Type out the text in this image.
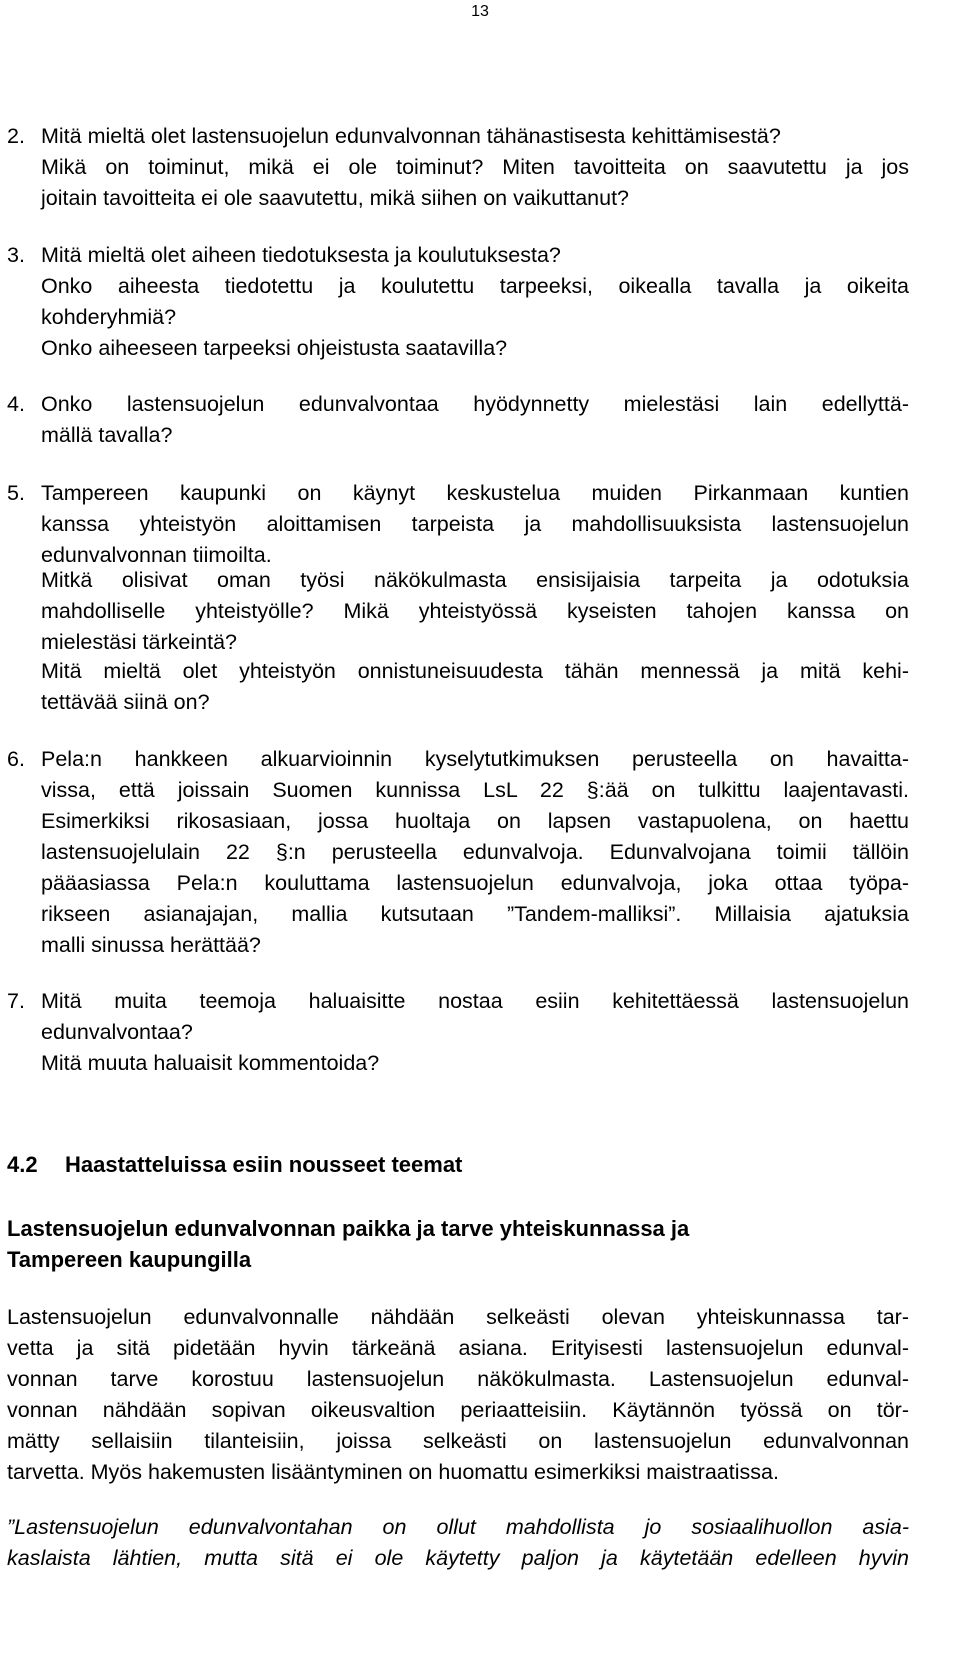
13
2. Mitä mieltä olet lastensuojelun edunvalvonnan tähänastisesta kehittämisestä?
Mikä on toiminut, mikä ei ole toiminut? Miten tavoitteita on saavutettu ja jos
joitain tavoitteita ei ole saavutettu, mikä siihen on vaikuttanut?
3. Mitä mieltä olet aiheen tiedotuksesta ja koulutuksesta?
Onko aiheesta tiedotettu ja koulutettu tarpeeksi, oikealla tavalla ja oikeita
kohderyhmiä?
Onko aiheeseen tarpeeksi ohjeistusta saatavilla?
4. Onko lastensuojelun edunvalvontaa hyödynnetty mielestäsi lain edellyttä-
mällä tavalla?
5. Tampereen kaupunki on käynyt keskustelua muiden Pirkanmaan kuntien
kanssa yhteistyön aloittamisen tarpeista ja mahdollisuuksista lastensuojelun
edunvalvonnan tiimoilta.
Mitkä olisivat oman työsi näkökulmasta ensisijaisia tarpeita ja odotuksia
mahdolliselle yhteistyölle? Mikä yhteistyössä kyseisten tahojen kanssa on
mielestäsi tärkeintä?
Mitä mieltä olet yhteistyön onnistuneisuudesta tähän mennessä ja mitä kehi-
tettävää siinä on?
6. Pela:n hankkeen alkuarvioinnin kyselytutkimuksen perusteella on havaitta-
vissa, että joissain Suomen kunnissa LsL 22 §:ää on tulkittu laajentavasti.
Esimerkiksi rikosasiaan, jossa huoltaja on lapsen vastapuolena, on haettu
lastensuojelulain 22 §:n perusteella edunvalvoja. Edunvalvojana toimii tällöin
pääasiassa Pela:n kouluttama lastensuojelun edunvalvoja, joka ottaa työpa-
rikseen asianajajan, mallia kutsutaan ”Tandem-malliksi”. Millaisia ajatuksia
malli sinussa herättää?
7. Mitä muita teemoja haluaisitte nostaa esiin kehitettäessä lastensuojelun
edunvalvontaa?
Mitä muuta haluaisit kommentoida?
4.2 Haastatteluissa esiin nousseet teemat
Lastensuojelun edunvalvonnan paikka ja tarve yhteiskunnassa ja
Tampereen kaupungilla
Lastensuojelun edunvalvonnalle nähdään selkeästi olevan yhteiskunnassa tar-
vetta ja sitä pidetään hyvin tärkeänä asiana. Erityisesti lastensuojelun edunval-
vonnan tarve korostuu lastensuojelun näkökulmasta. Lastensuojelun edunval-
vonnan nähdään sopivan oikeusvaltion periaatteisiin. Käytännön työssä on tör-
mätty sellaisiin tilanteisiin, joissa selkeästi on lastensuojelun edunvalvonnan
tarvetta. Myös hakemusten lisääntyminen on huomattu esimerkiksi maistraatissa.
”Lastensuojelun edunvalvontahan on ollut mahdollista jo sosiaalihuollon asia-
kaslaista lähtien, mutta sitä ei ole käytetty paljon ja käytetään edelleen hyvin
